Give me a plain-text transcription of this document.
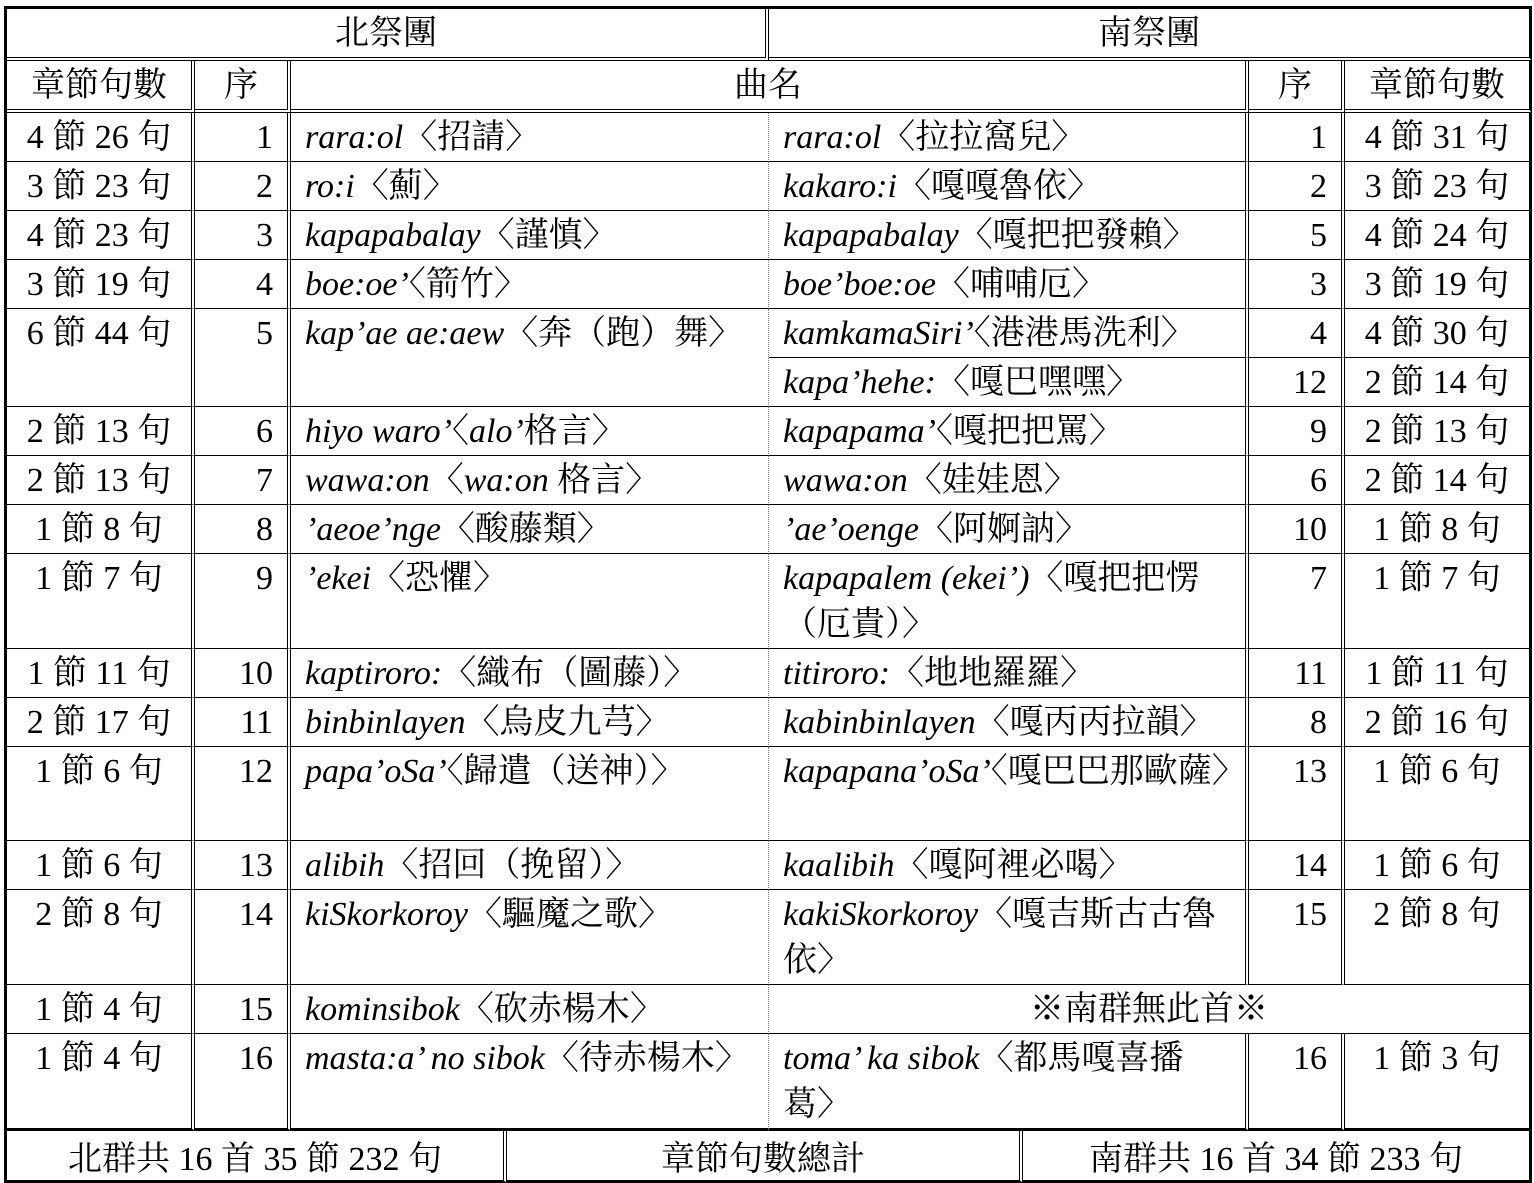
北祭團			南祭團		
章節句數	序	曲名		序	章節句數
4 節 26 句	1	rara:ol〈招請〉	rara:ol〈拉拉窩兒〉	1	4 節 31 句
3 節 23 句	2	ro:i〈薊〉	kakaro:i〈嘎嘎魯依〉	2	3 節 23 句
4 節 23 句	3	kapapabalay〈謹慎〉	kapapabalay〈嘎把把發賴〉	5	4 節 24 句
3 節 19 句	4	boe:oe’〈箭竹〉	boe’boe:oe〈哺哺厄〉	3	3 節 19 句
6 節 44 句	5	kap’ae ae:aew〈奔（跑）舞〉	kamkamaSiri’〈港港馬洗利〉	4	4 節 30 句
			kapa’hehe:〈嘎巴嘿嘿〉	12	2 節 14 句
2 節 13 句	6	hiyo waro’〈alo’格言〉	kapapama’〈嘎把把罵〉	9	2 節 13 句
2 節 13 句	7	wawa:on〈wa:on 格言〉	wawa:on〈娃娃恩〉	6	2 節 14 句
1 節 8 句	8	’aeoe’nge〈酸藤類〉	’ae’oenge〈阿婀訥〉	10	1 節 8 句
1 節 7 句	9	’ekei〈恐懼〉	kapapalem (ekei’)〈嘎把把愣（厄貴）〉	7	1 節 7 句
1 節 11 句	10	kaptiroro:〈織布（圖藤）〉	titiroro:〈地地羅羅〉	11	1 節 11 句
2 節 17 句	11	binbinlayen〈烏皮九芎〉	kabinbinlayen〈嘎丙丙拉韻〉	8	2 節 16 句
1 節 6 句	12	papa’oSa’〈歸遣（送神）〉	kapapana’oSa’〈嘎巴巴那歐薩〉	13	1 節 6 句
1 節 6 句	13	alibih〈招回（挽留）〉	kaalibih〈嘎阿裡必喝〉	14	1 節 6 句
2 節 8 句	14	kiSkorkoroy〈驅魔之歌〉	kakiSkorkoroy〈嘎吉斯古古魯依〉	15	2 節 8 句
1 節 4 句	15	kominsibok〈砍赤楊木〉	※南群無此首※		
1 節 4 句	16	masta:a’ no sibok〈待赤楊木〉	toma’ ka sibok〈都馬嘎喜播葛〉	16	1 節 3 句
北群共 16 首 35 節 232 句	章節句數總計	南群共 16 首 34 節 233 句
